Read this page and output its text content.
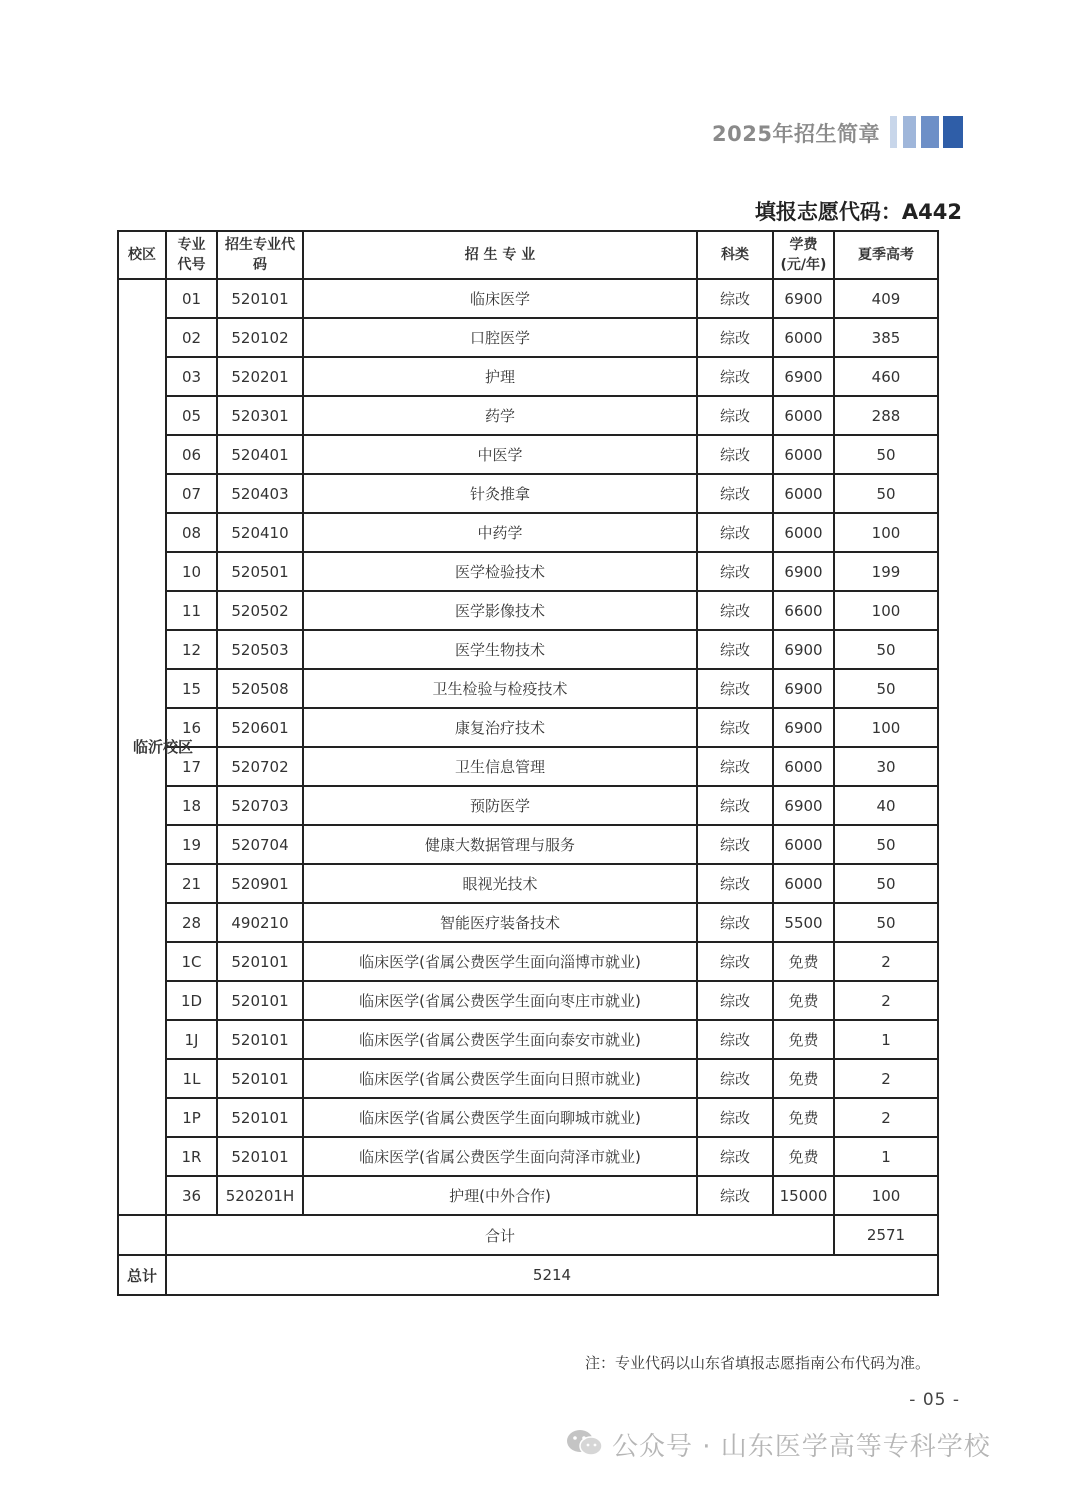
2025年招生简章
填报志愿代码：A442
校区	专业代号	招生专业代码	招 生 专 业	科类	学费(元/年)	夏季高考

临沂校区	01	520101	临床医学	综改	6900	409
	02	520102	口腔医学	综改	6000	385
	03	520201	护理	综改	6900	460
	05	520301	药学	综改	6000	288
	06	520401	中医学	综改	6000	50
	07	520403	针灸推拿	综改	6000	50
	08	520410	中药学	综改	6000	100
	10	520501	医学检验技术	综改	6900	199
	11	520502	医学影像技术	综改	6600	100
	12	520503	医学生物技术	综改	6900	50
	15	520508	卫生检验与检疫技术	综改	6900	50
	16	520601	康复治疗技术	综改	6900	100
	17	520702	卫生信息管理	综改	6000	30
	18	520703	预防医学	综改	6900	40
	19	520704	健康大数据管理与服务	综改	6000	50
	21	520901	眼视光技术	综改	6000	50
	28	490210	智能医疗装备技术	综改	5500	50
	1C	520101	临床医学(省属公费医学生面向淄博市就业)	综改	免费	2
	1D	520101	临床医学(省属公费医学生面向枣庄市就业)	综改	免费	2
	1J	520101	临床医学(省属公费医学生面向泰安市就业)	综改	免费	1
	1L	520101	临床医学(省属公费医学生面向日照市就业)	综改	免费	2
	1P	520101	临床医学(省属公费医学生面向聊城市就业)	综改	免费	2
	1R	520101	临床医学(省属公费医学生面向菏泽市就业)	综改	免费	1
	36	520201H	护理(中外合作)	综改	15000	100
	合计					2571
总计	5214					
注：专业代码以山东省填报志愿指南公布代码为准。
- 05 -
公众号 · 山东医学高等专科学校
